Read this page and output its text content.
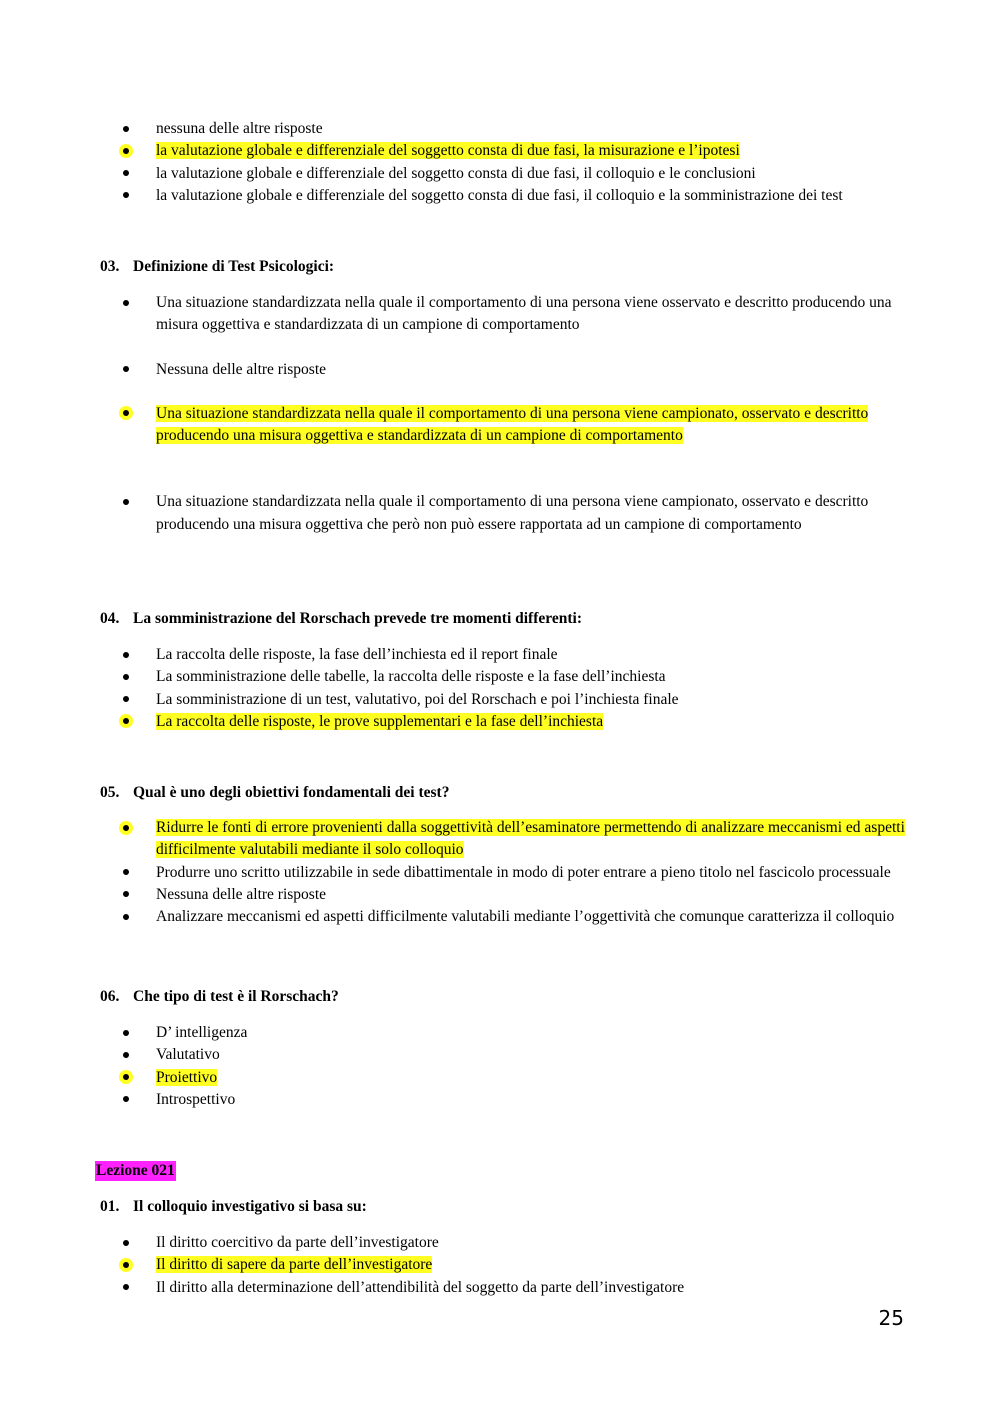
nessuna delle altre risposte
la valutazione globale e differenziale del soggetto consta di due fasi, la misurazione e l’ipotesi
la valutazione globale e differenziale del soggetto consta di due fasi, il colloquio e le conclusioni
la valutazione globale e differenziale del soggetto consta di due fasi, il colloquio e la somministrazione dei test
03. Definizione di Test Psicologici:
Una situazione standardizzata nella quale il comportamento di una persona viene osservato e descritto producendo una misura oggettiva e standardizzata di un campione di comportamento
Nessuna delle altre risposte
Una situazione standardizzata nella quale il comportamento di una persona viene campionato, osservato e descritto producendo una misura oggettiva e standardizzata di un campione di comportamento
Una situazione standardizzata nella quale il comportamento di una persona viene campionato, osservato e descritto producendo una misura oggettiva che però non può essere rapportata ad un campione di comportamento
04. La somministrazione del Rorschach prevede tre momenti differenti:
La raccolta delle risposte, la fase dell’inchiesta ed il report finale
La somministrazione delle tabelle, la raccolta delle risposte e la fase dell’inchiesta
La somministrazione di un test, valutativo, poi del Rorschach e poi l’inchiesta finale
La raccolta delle risposte, le prove supplementari e la fase dell’inchiesta
05. Qual è uno degli obiettivi fondamentali dei test?
Ridurre le fonti di errore provenienti dalla soggettività dell’esaminatore permettendo di analizzare meccanismi ed aspetti difficilmente valutabili mediante il solo colloquio
Produrre uno scritto utilizzabile in sede dibattimentale in modo di poter entrare a pieno titolo nel fascicolo processuale
Nessuna delle altre risposte
Analizzare meccanismi ed aspetti difficilmente valutabili mediante l’oggettività che comunque caratterizza il colloquio
06. Che tipo di test è il Rorschach?
D’ intelligenza
Valutativo
Proiettivo
Introspettivo
Lezione 021
01. Il colloquio investigativo si basa su:
Il diritto coercitivo da parte dell’investigatore
Il diritto di sapere da parte dell’investigatore
Il diritto alla determinazione dell’attendibilità del soggetto da parte dell’investigatore
25
